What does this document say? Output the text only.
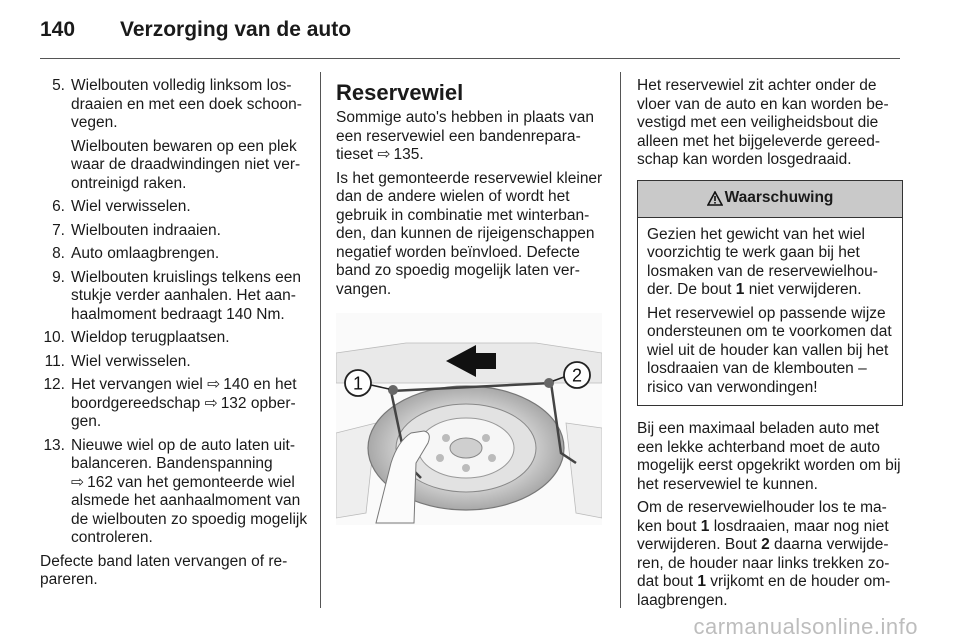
140 Verzorging van de auto
5. Wielbouten volledig linksom losdraaien en met een doek schoonvegen.
Wielbouten bewaren op een plek waar de draadwindingen niet verontreinigd raken.
6. Wiel verwisselen.
7. Wielbouten indraaien.
8. Auto omlaagbrengen.
9. Wielbouten kruislings telkens een stukje verder aanhalen. Het aanhaalmoment bedraagt 140 Nm.
10. Wieldop terugplaatsen.
11. Wiel verwisselen.
12. Het vervangen wiel ⇨  140 en het boordgereedschap ⇨  132 opbergen.
13. Nieuwe wiel op de auto laten uitbalanceren. Bandenspanning
⇨  162 van het gemonteerde wiel alsmede het aanhaalmoment van de wielbouten zo spoedig mogelijk controleren.

Defecte band laten vervangen of repareren.

Reservewiel

Sommige auto's hebben in plaats van een reservewiel een bandenreparatieset ⇨  135.

Is het gemonteerde reservewiel kleiner dan de andere wielen of wordt het gebruik in combinatie met winterbanden, dan kunnen de rijeigenschappen negatief worden beïnvloed. Defecte band zo spoedig mogelijk laten vervangen.

1	2

Het reservewiel zit achter onder de vloer van de auto en kan worden bevestigd met een veiligheidsbout die alleen met het bijgeleverde gereedschap kan worden losgedraaid.

Waarschuwing

Gezien het gewicht van het wiel voorzichtig te werk gaan bij het losmaken van de reservewielhouder. De bout 1 niet verwijderen.

Het reservewiel op passende wijze ondersteunen om te voorkomen dat wiel uit de houder kan vallen bij het losdraaien van de klembouten – risico van verwondingen!

Bij een maximaal beladen auto met een lekke achterband moet de auto mogelijk eerst opgekrikt worden om bij het reservewiel te kunnen.

Om de reservewielhouder los te maken bout 1 losdraaien, maar nog niet verwijderen. Bout 2 daarna verwijderen, de houder naar links trekken zodat bout 1 vrijkomt en de houder omlaagbrengen.

carmanualsonline.info
